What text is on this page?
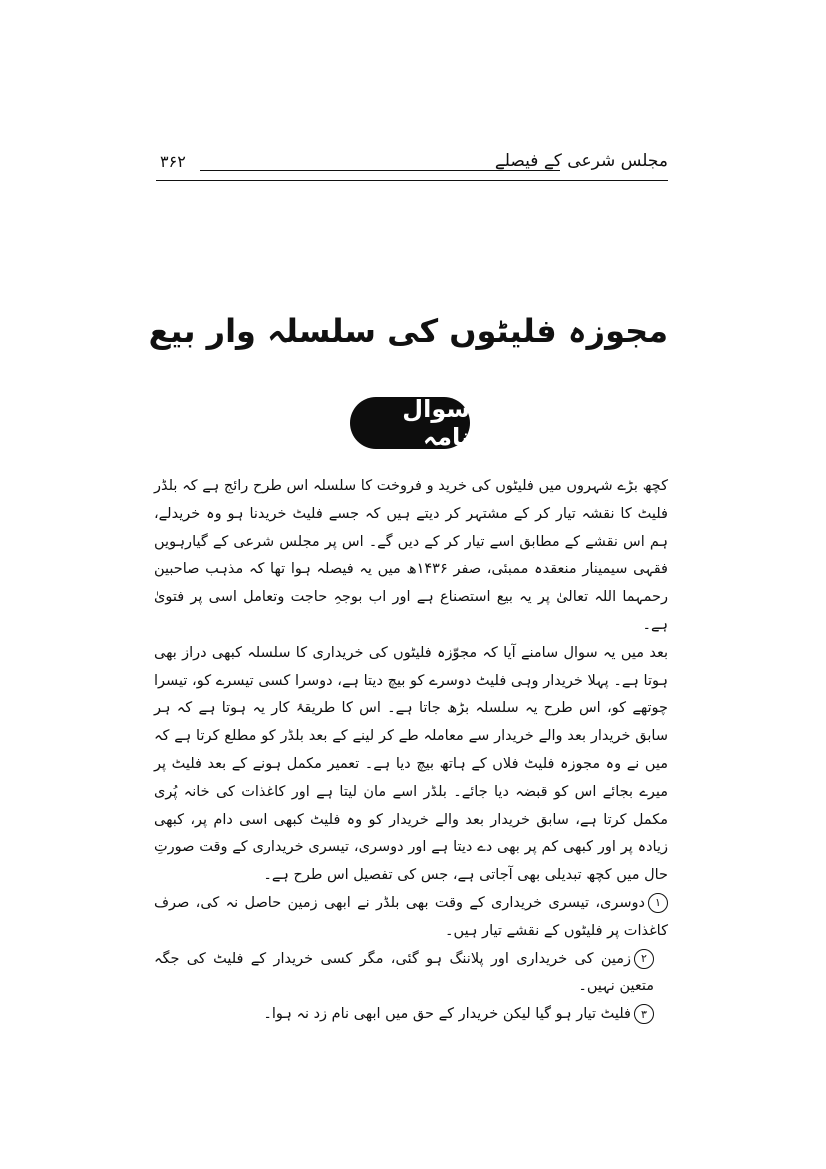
مجلس شرعی کے فیصلے
۳۶۲
مجوزہ فلیٹوں کی سلسلہ وار بیع
سوال نامہ

کچھ بڑے شہروں میں فلیٹوں کی خرید و فروخت کا سلسلہ اس طرح رائج ہے کہ بلڈر فلیٹ کا نقشہ تیار کر کے مشتہر کر دیتے ہیں کہ جسے فلیٹ خریدنا ہو وہ خریدلے، ہم اس نقشے کے مطابق اسے تیار کر کے دیں گے۔ اس پر مجلس شرعی کے گیارہویں فقہی سیمینار منعقدہ ممبئی، صفر ۱۴۳۶ھ میں یہ فیصلہ ہوا تھا کہ مذہب صاحبین رحمہما اللہ تعالیٰ پر یہ بیع استصناع ہے اور اب بوجہِ حاجت وتعامل اسی پر فتویٰ ہے۔

بعد میں یہ سوال سامنے آیا کہ مجوّزہ فلیٹوں کی خریداری کا سلسلہ کبھی دراز بھی ہوتا ہے۔ پہلا خریدار وہی فلیٹ دوسرے کو بیچ دیتا ہے، دوسرا کسی تیسرے کو، تیسرا چوتھے کو، اس طرح یہ سلسلہ بڑھ جاتا ہے۔ اس کا طریقۂ کار یہ ہوتا ہے کہ ہر سابق خریدار بعد والے خریدار سے معاملہ طے کر لینے کے بعد بلڈر کو مطلع کرتا ہے کہ میں نے وہ مجوزہ فلیٹ فلاں کے ہاتھ بیچ دیا ہے۔ تعمیر مکمل ہونے کے بعد فلیٹ پر میرے بجائے اس کو قبضہ دیا جائے۔ بلڈر اسے مان لیتا ہے اور کاغذات کی خانہ پُری مکمل کرتا ہے، سابق خریدار بعد والے خریدار کو وہ فلیٹ کبھی اسی دام پر، کبھی زیادہ پر اور کبھی کم پر بھی دے دیتا ہے اور دوسری، تیسری خریداری کے وقت صورتِ حال میں کچھ تبدیلی بھی آجاتی ہے، جس کی تفصیل اس طرح ہے۔

۱دوسری، تیسری خریداری کے وقت بھی بلڈر نے ابھی زمین حاصل نہ کی، صرف کاغذات پر فلیٹوں کے نقشے تیار ہیں۔
۲زمین کی خریداری اور پلاننگ ہو گئی، مگر کسی خریدار کے فلیٹ کی جگہ متعین نہیں۔
۳فلیٹ تیار ہو گیا لیکن خریدار کے حق میں ابھی نام زد نہ ہوا۔
